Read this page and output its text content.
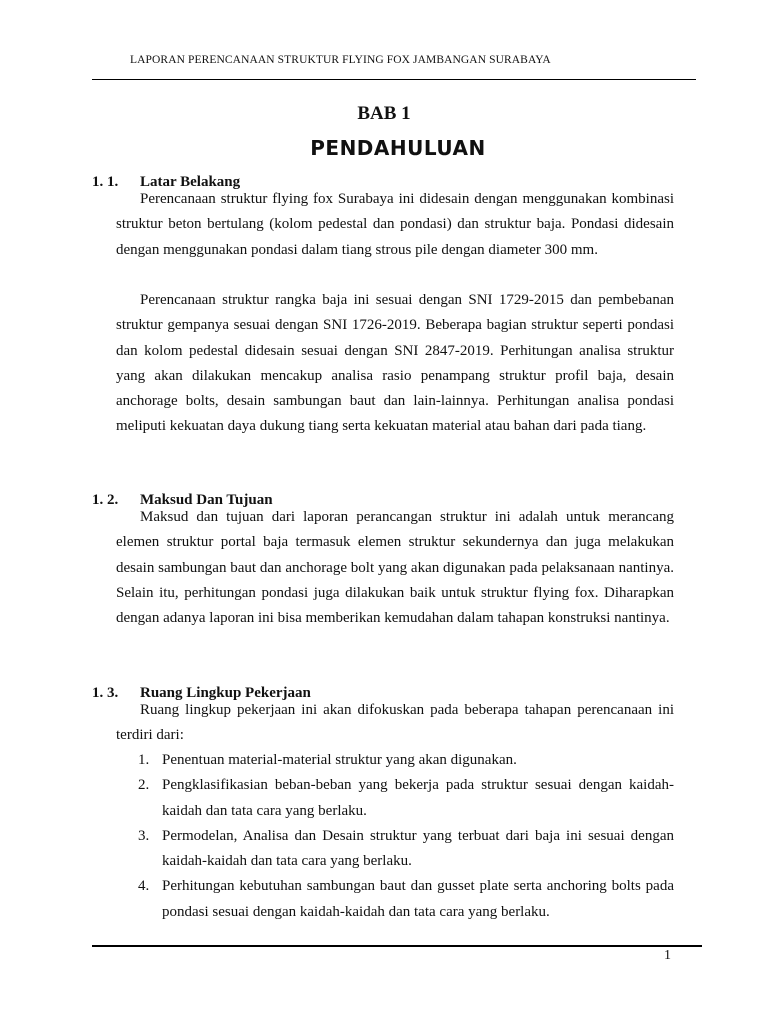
LAPORAN PERENCANAAN STRUKTUR FLYING FOX JAMBANGAN SURABAYA
BAB 1
PENDAHULUAN
1. 1. Latar Belakang

Perencanaan struktur flying fox Surabaya ini didesain dengan menggunakan kombinasi struktur beton bertulang (kolom pedestal dan pondasi) dan struktur baja. Pondasi didesain dengan menggunakan pondasi dalam tiang strous pile dengan diameter 300 mm.

Perencanaan struktur rangka baja ini sesuai dengan SNI 1729-2015 dan pembebanan struktur gempanya sesuai dengan SNI 1726-2019. Beberapa bagian struktur seperti pondasi dan kolom pedestal didesain sesuai dengan SNI 2847-2019. Perhitungan analisa struktur yang akan dilakukan mencakup analisa rasio penampang struktur profil baja, desain anchorage bolts, desain sambungan baut dan lain-lainnya. Perhitungan analisa pondasi meliputi kekuatan daya dukung tiang serta kekuatan material atau bahan dari pada tiang.

1. 2. Maksud Dan Tujuan

Maksud dan tujuan dari laporan perancangan struktur ini adalah untuk merancang elemen struktur portal baja termasuk elemen struktur sekundernya dan juga melakukan desain sambungan baut dan anchorage bolt yang akan digunakan pada pelaksanaan nantinya. Selain itu, perhitungan pondasi juga dilakukan baik untuk struktur flying fox. Diharapkan dengan adanya laporan ini bisa memberikan kemudahan dalam tahapan konstruksi nantinya.

1. 3. Ruang Lingkup Pekerjaan

Ruang lingkup pekerjaan ini akan difokuskan pada beberapa tahapan perencanaan ini terdiri dari:

1. Penentuan material-material struktur yang akan digunakan.
2. Pengklasifikasian beban-beban yang bekerja pada struktur sesuai dengan kaidah-kaidah dan tata cara yang berlaku.
3. Permodelan, Analisa dan Desain struktur yang terbuat dari baja ini sesuai dengan kaidah-kaidah dan tata cara yang berlaku.
4. Perhitungan kebutuhan sambungan baut dan gusset plate serta anchoring bolts pada pondasi sesuai dengan kaidah-kaidah dan tata cara yang berlaku.
1
